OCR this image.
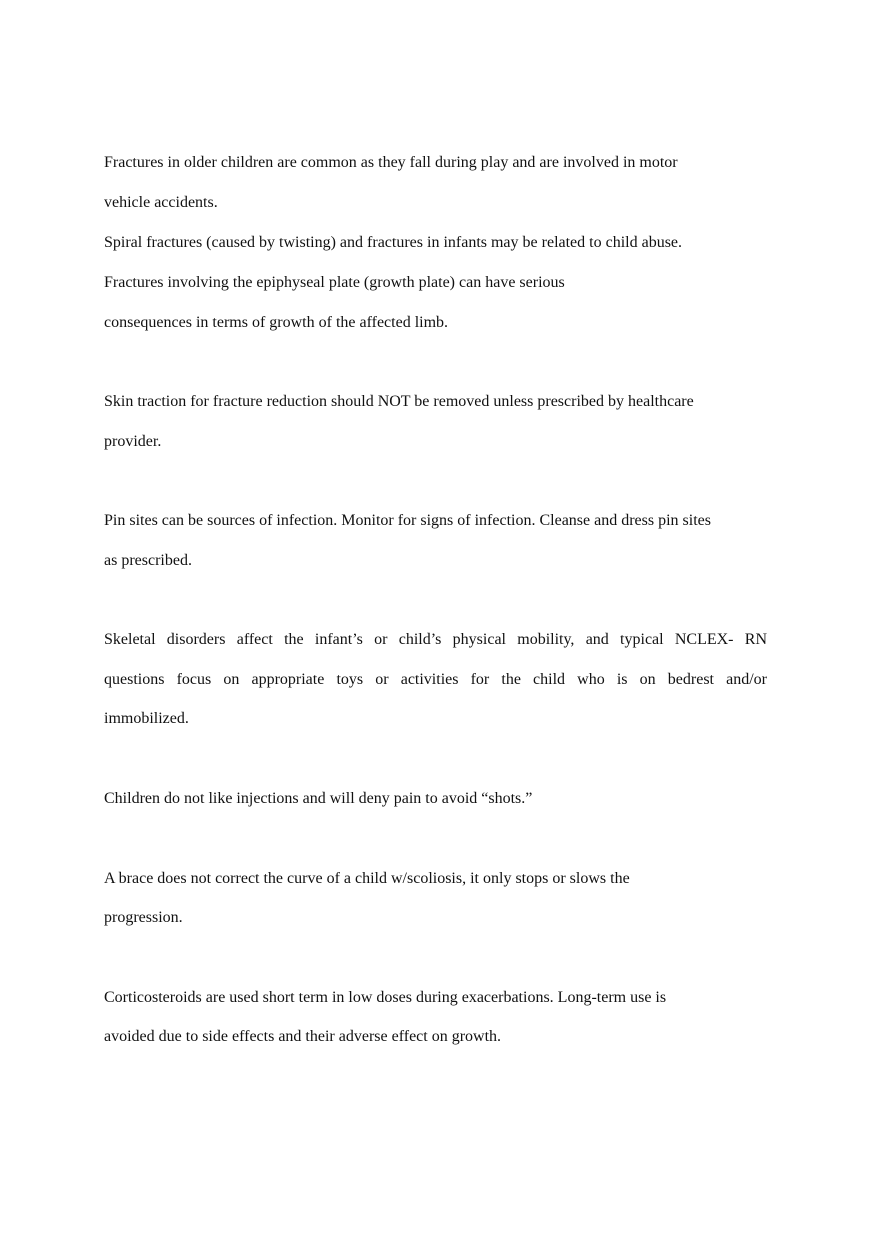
Fractures in older children are common as they fall during play and are involved in motor
vehicle accidents.
Spiral fractures (caused by twisting) and fractures in infants may be related to child abuse.
Fractures involving the epiphyseal plate (growth plate) can have serious
consequences in terms of growth of the affected limb.
Skin traction for fracture reduction should NOT be removed unless prescribed by healthcare
provider.
Pin sites can be sources of infection. Monitor for signs of infection. Cleanse and dress pin sites
as prescribed.
Skeletal disorders affect the infant’s or child’s physical mobility, and typical NCLEX- RN
questions focus on appropriate toys or activities for the child who is on bedrest and/or
immobilized.
Children do not like injections and will deny pain to avoid “shots.”
A brace does not correct the curve of a child w/scoliosis, it only stops or slows the
progression.
Corticosteroids are used short term in low doses during exacerbations. Long-term use is
avoided due to side effects and their adverse effect on growth.
